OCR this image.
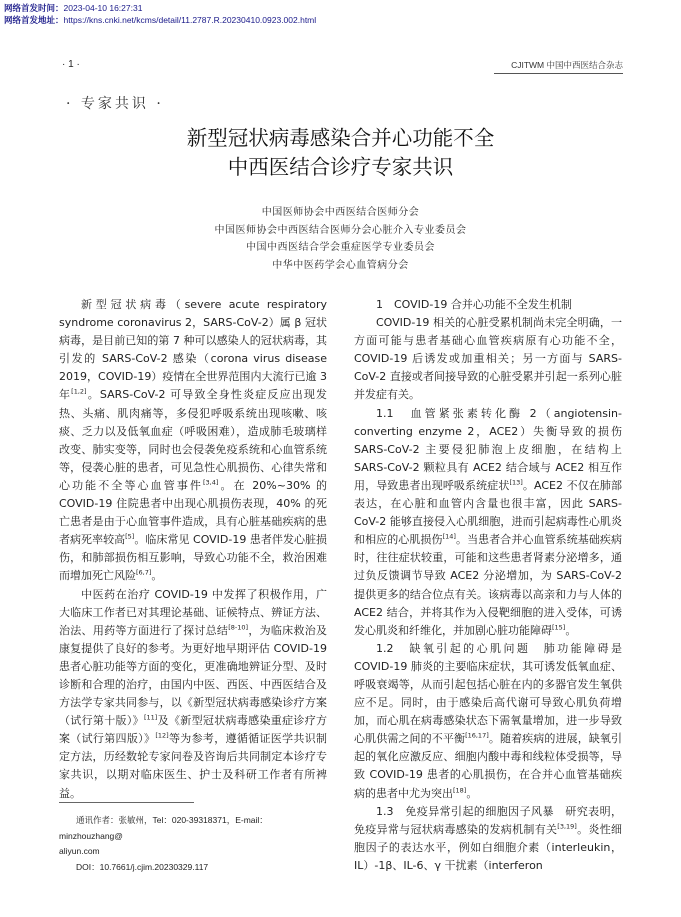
网络首发时间：2023-04-10 16:27:31
网络首发地址：https://kns.cnki.net/kcms/detail/11.2787.R.20230410.0923.002.html
· 1 ·	CJITWM 中国中西医结合杂志
· 专家共识 ·
新型冠状病毒感染合并心功能不全
中西医结合诊疗专家共识
中国医师协会中西医结合医师分会
中国医师协会中西医结合医师分会心脏介入专业委员会
中国中西医结合学会重症医学专业委员会
中华中医药学会心血管病分会

新型冠状病毒（severe acute respiratory syndrome coronavirus 2，SARS-CoV-2）属 β 冠状病毒，是目前已知的第 7 种可以感染人的冠状病毒，其引发的 SARS-CoV-2 感染（corona virus disease 2019，COVID-19）疫情在全世界范围内大流行已逾 3 年[1,2]。SARS-CoV-2 可导致全身性炎症反应出现发热、头痛、肌肉痛等，多侵犯呼吸系统出现咳嗽、咳痰、乏力以及低氧血症（呼吸困难），造成肺毛玻璃样改变、肺实变等，同时也会侵袭免疫系统和心血管系统等，侵袭心脏的患者，可见急性心肌损伤、心律失常和心功能不全等心血管事件[3,4]。在 20%~30% 的 COVID-19 住院患者中出现心肌损伤表现，40% 的死亡患者是由于心血管事件造成，具有心脏基础疾病的患者病死率较高[5]。临床常见 COVID-19 患者伴发心脏损伤，和肺部损伤相互影响，导致心功能不全，救治困难而增加死亡风险[6,7]。

中医药在治疗 COVID-19 中发挥了积极作用，广大临床工作者已对其理论基础、证候特点、辨证方法、治法、用药等方面进行了探讨总结[8-10]，为临床救治及康复提供了良好的参考。为更好地早期评估 COVID-19 患者心脏功能等方面的变化，更准确地辨证分型、及时诊断和合理的治疗，由国内中医、西医、中西医结合及方法学专家共同参与，以《新型冠状病毒感染诊疗方案（试行第十版）》[11]及《新型冠状病毒感染重症诊疗方案（试行第四版）》[12]等为参考，遵循循证医学共识制定方法，历经数轮专家问卷及咨询后共同制定本诊疗专家共识，以期对临床医生、护士及科研工作者有所裨益。

1　COVID-19 合并心功能不全发生机制

COVID-19 相关的心脏受累机制尚未完全明确，一方面可能与患者基础心血管疾病原有心功能不全，COVID-19 后诱发或加重相关；另一方面与 SARS-CoV-2 直接或者间接导致的心脏受累并引起一系列心脏并发症有关。

1.1　血管紧张素转化酶 2（angiotensin-converting enzyme 2，ACE2）失衡导致的损伤　SARS-CoV-2 主要侵犯肺泡上皮细胞，在结构上 SARS-CoV-2 颗粒具有 ACE2 结合域与 ACE2 相互作用，导致患者出现呼吸系统症状[13]。ACE2 不仅在肺部表达，在心脏和血管内含量也很丰富，因此 SARS-CoV-2 能够直接侵入心肌细胞，进而引起病毒性心肌炎和相应的心肌损伤[14]。当患者合并心血管系统基础疾病时，往往症状较重，可能和这些患者肾素分泌增多，通过负反馈调节导致 ACE2 分泌增加，为 SARS-CoV-2 提供更多的结合位点有关。该病毒以高亲和力与人体的 ACE2 结合，并将其作为入侵靶细胞的进入受体，可诱发心肌炎和纤维化，并加剧心脏功能障碍[15]。

1.2　缺氧引起的心肌问题　肺功能障碍是 COVID-19 肺炎的主要临床症状，其可诱发低氧血症、呼吸衰竭等，从而引起包括心脏在内的多器官发生氧供应不足。同时，由于感染后高代谢可导致心肌负荷增加，而心肌在病毒感染状态下需氧量增加，进一步导致心肌供需之间的不平衡[16,17]。随着疾病的进展，缺氧引起的氧化应激反应、细胞内酸中毒和线粒体受损等，导致 COVID-19 患者的心肌损伤，在合并心血管基础疾病的患者中尤为突出[18]。

1.3　免疫异常引起的细胞因子风暴　研究表明，免疫异常与冠状病毒感染的发病机制有关[3,19]。炎性细胞因子的表达水平，例如白细胞介素（interleukin，IL）-1β、IL-6、γ 干扰素（interferon

通讯作者：张敏州，Tel：020-39318371，E-mail：minzhouzhang@

aliyun.com

DOI：10.7661/j.cjim.20230329.117
